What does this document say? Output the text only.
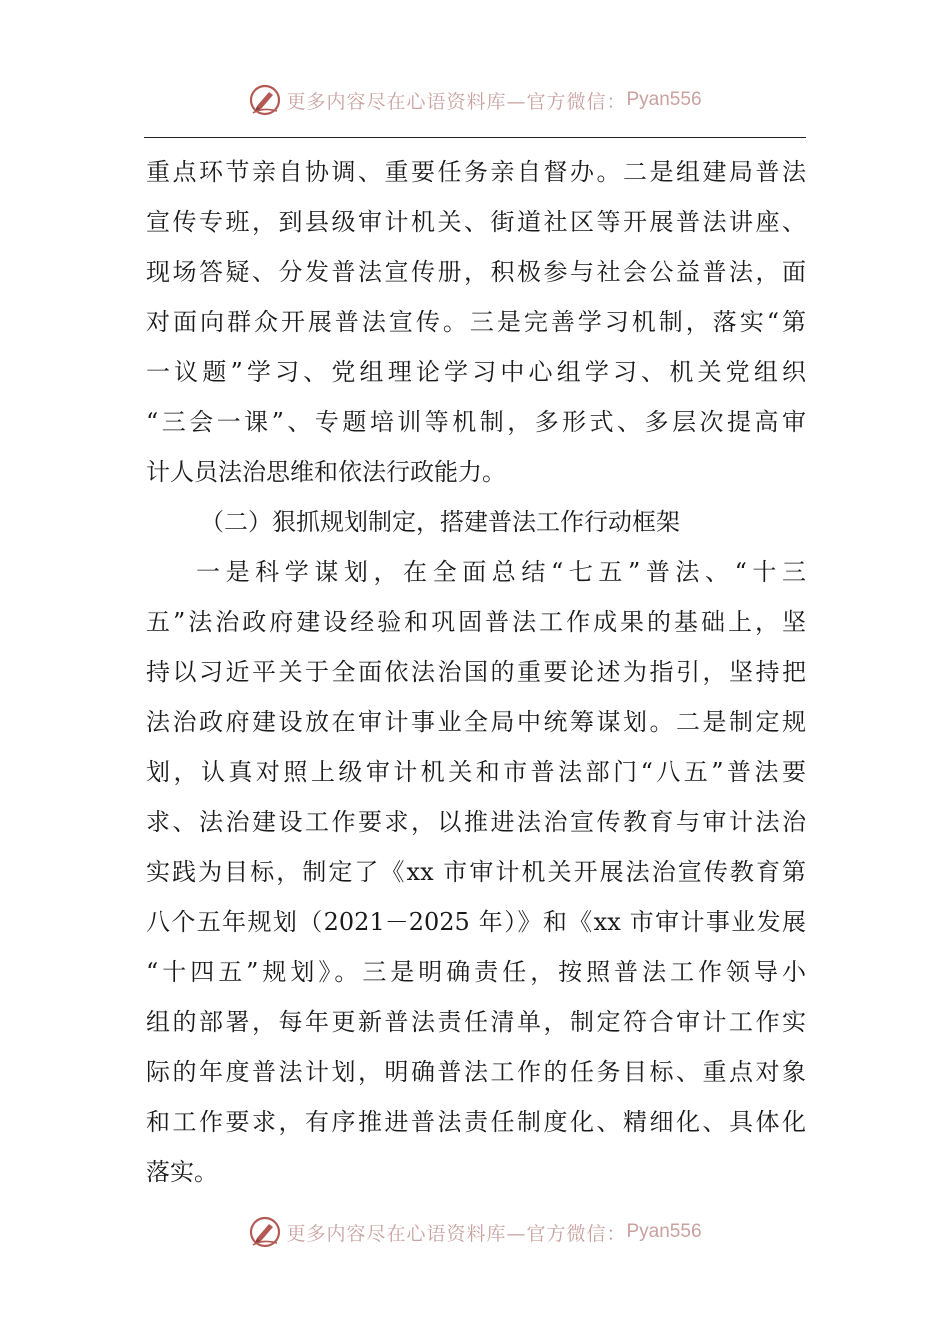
更多内容尽在心语资料库—官方微信： Pyan556
重点环节亲自协调、重要任务亲自督办。二是组建局普法
宣传专班，到县级审计机关、街道社区等开展普法讲座、
现场答疑、分发普法宣传册，积极参与社会公益普法，面
对面向群众开展普法宣传。三是完善学习机制，落实“第
一议题”学习、党组理论学习中心组学习、机关党组织
“三会一课”、专题培训等机制，多形式、多层次提高审
计人员法治思维和依法行政能力。
（二）狠抓规划制定，搭建普法工作行动框架
一是科学谋划，在全面总结“七五”普法、“十三
五”法治政府建设经验和巩固普法工作成果的基础上，坚
持以习近平关于全面依法治国的重要论述为指引，坚持把
法治政府建设放在审计事业全局中统筹谋划。二是制定规
划，认真对照上级审计机关和市普法部门“八五”普法要
求、法治建设工作要求，以推进法治宣传教育与审计法治
实践为目标，制定了《xx 市审计机关开展法治宣传教育第
八个五年规划（2021－2025 年）》和《xx 市审计事业发展
“十四五”规划》。三是明确责任，按照普法工作领导小
组的部署，每年更新普法责任清单，制定符合审计工作实
际的年度普法计划，明确普法工作的任务目标、重点对象
和工作要求，有序推进普法责任制度化、精细化、具体化
落实。
更多内容尽在心语资料库—官方微信： Pyan556
